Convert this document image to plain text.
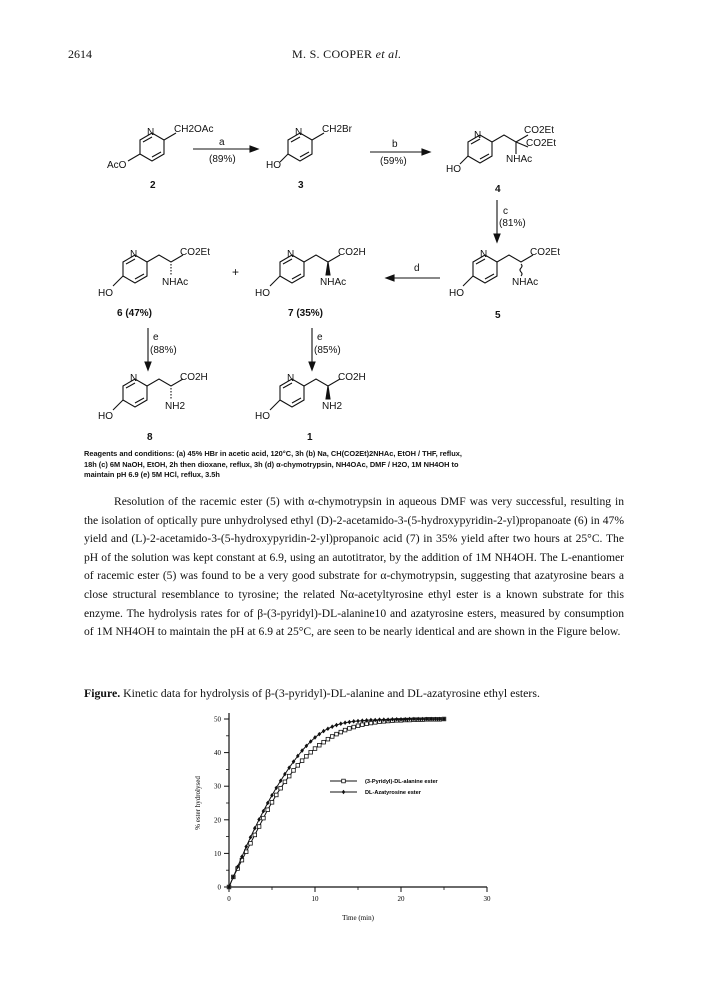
2614	M. S. COOPER et al.
N CH2OAc
AcO
2
a
(89%)
N CH2Br
HO
3
b
(59%)
N	CO2Et
CO2Et
NHAc
HO
4
c
(81%)
N	CO2Et
NHAc
HO
6 (47%)
+
N	CO2H
NHAc
HO
7 (35%)
d
N	CO2Et
NHAc
HO
5
e
(88%)
e
(85%)
N	CO2H
NH2
HO
8
N	CO2H
NH2
HO
1
Reagents and conditions: (a) 45% HBr in acetic acid, 120°C, 3h (b) Na, CH(CO2Et)2NHAc, EtOH / THF, reflux,
18h (c) 6M NaOH, EtOH, 2h then dioxane, reflux, 3h (d) α-chymotrypsin, NH4OAc, DMF / H2O, 1M NH4OH to
maintain pH 6.9 (e) 5M HCl, reflux, 3.5h
Resolution of the racemic ester (5) with α-chymotrypsin in aqueous DMF was very successful, resulting in the isolation of optically pure unhydrolysed ethyl (D)-2-acetamido-3-(5-hydroxypyridin-2-yl)propanoate (6) in 47% yield and (L)-2-acetamido-3-(5-hydroxypyridin-2-yl)propanoic acid (7) in 35% yield after two hours at 25°C. The pH of the solution was kept constant at 6.9, using an autotitrator, by the addition of 1M NH4OH. The L-enantiomer of racemic ester (5) was found to be a very good substrate for α-chymotrypsin, suggesting that azatyrosine bears a close structural resemblance to tyrosine; the related Nα-acetyltyrosine ethyl ester is a known substrate for this enzyme. The hydrolysis rates for of β-(3-pyridyl)-DL-alanine10 and azatyrosine esters, measured by consumption of 1M NH4OH to maintain the pH at 6.9 at 25°C, are seen to be nearly identical and are shown in the Figure below.
Figure. Kinetic data for hydrolysis of β-(3-pyridyl)-DL-alanine and DL-azatyrosine ethyl esters.
0
10
20
30
40
50
0	10	20	30
Time (min)
% ester hydrolysed	(3-Pyridyl)-DL-alanine ester
DL-Azatyrosine ester
